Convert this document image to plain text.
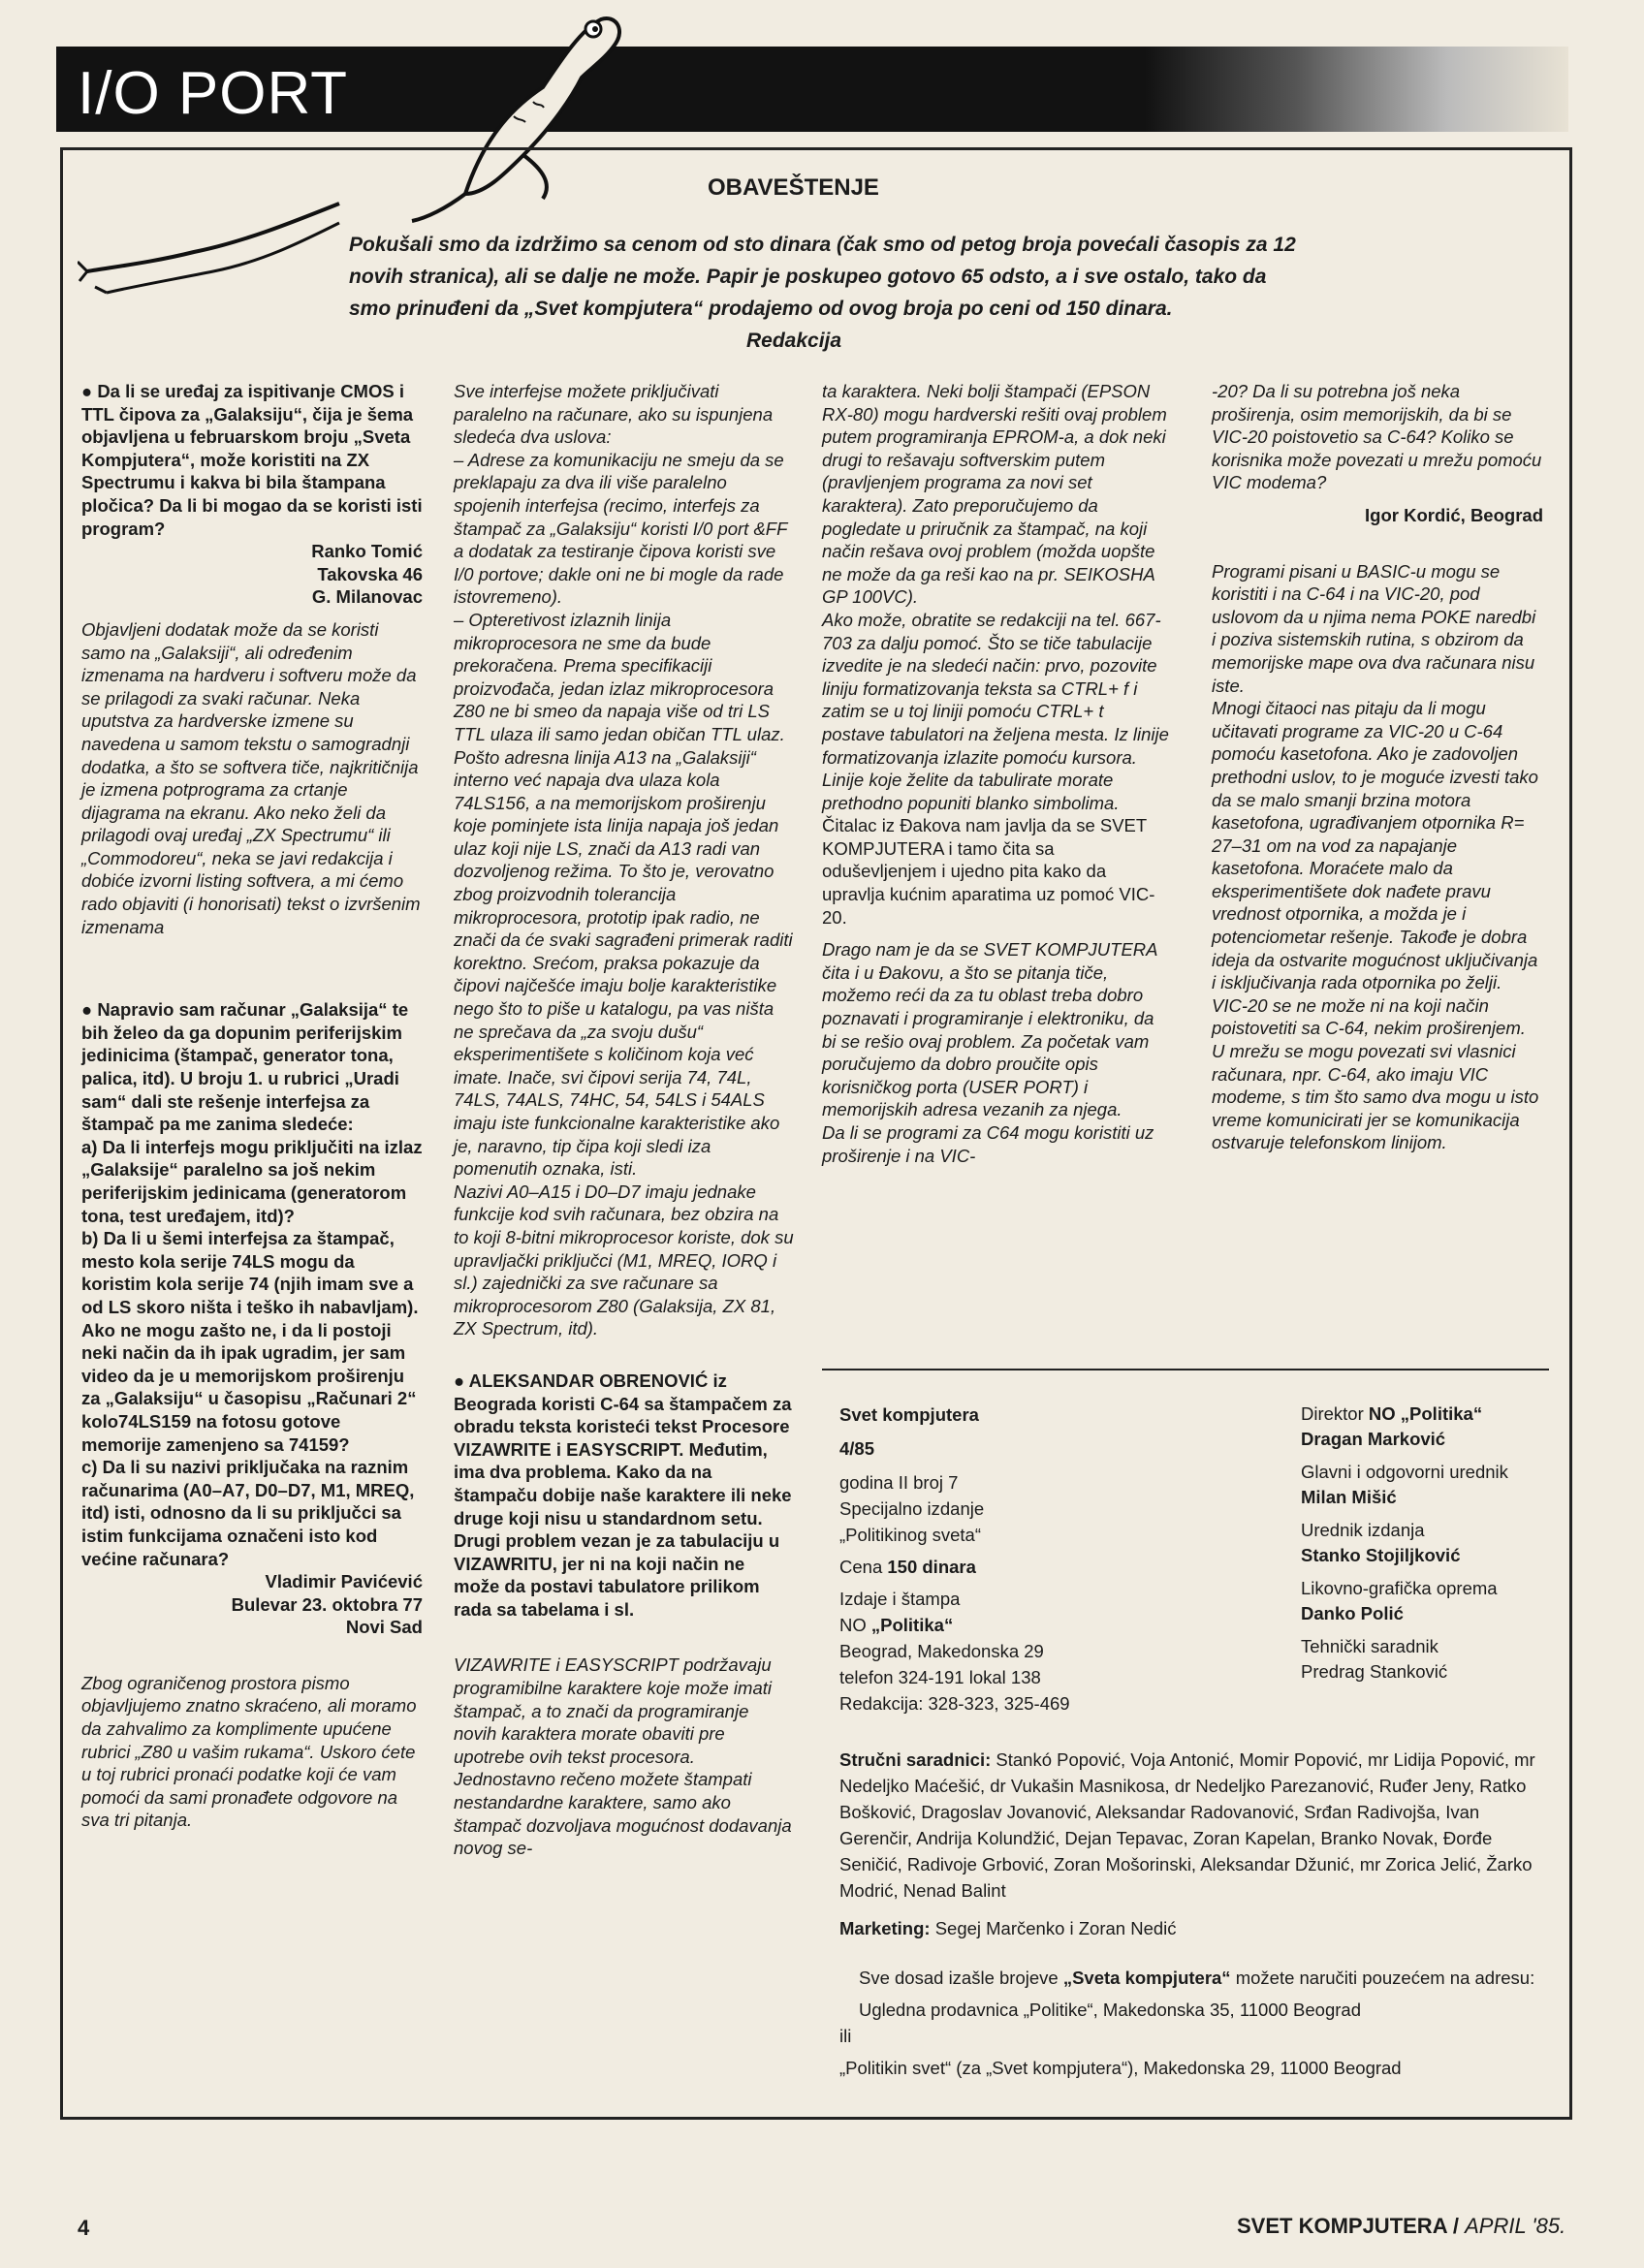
I/O PORT
OBAVEŠTENJE
Pokušali smo da izdržimo sa cenom od sto dinara (čak smo od petog broja povećali časopis za 12 novih stranica), ali se dalje ne može. Papir je poskupeo gotovo 65 odsto, a i sve ostalo, tako da smo prinuđeni da „Svet kompjutera“ prodajemo od ovog broja po ceni od 150 dinara.
Redakcija

● Da li se uređaj za ispitivanje CMOS i TTL čipova za „Galaksiju“, čija je šema objavljena u februarskom broju „Sveta Kompjutera“, može koristiti na ZX Spectrumu i kakva bi bila štampana pločica? Da li bi mogao da se koristi isti program?

Ranko Tomić

Takovska 46

G. Milanovac

Objavljeni dodatak može da se koristi samo na „Galaksiji“, ali određenim izmenama na hardveru i softveru može da se prilagodi za svaki računar. Neka uputstva za hardverske izmene su navedena u samom tekstu o samogradnji dodatka, a što se softvera tiče, najkritičnija je izmena potprograma za crtanje dijagrama na ekranu. Ako neko želi da prilagodi ovaj uređaj „ZX Spectrumu“ ili „Commodoreu“, neka se javi redakcija i dobiće izvorni listing softvera, a mi ćemo rado objaviti (i honorisati) tekst o izvršenim izmenama

● Napravio sam računar „Galaksija“ te bih želeo da ga dopunim periferijskim jedinicima (štampač, generator tona, palica, itd). U broju 1. u rubrici „Uradi sam“ dali ste rešenje interfejsa za štampač pa me zanima sledeće:

a) Da li interfejs mogu priključiti na izlaz „Galaksije“ paralelno sa još nekim periferijskim jedinicama (generatorom tona, test uređajem, itd)?

b) Da li u šemi interfejsa za štampač, mesto kola serije 74LS mogu da koristim kola serije 74 (njih imam sve a od LS skoro ništa i teško ih nabavljam). Ako ne mogu zašto ne, i da li postoji neki način da ih ipak ugradim, jer sam video da je u memorijskom proširenju za „Galaksiju“ u časopisu „Računari 2“ kolo74LS159 na fotosu gotove memorije zamenjeno sa 74159?

c) Da li su nazivi priključaka na raznim računarima (A0–A7, D0–D7, M1, MREQ, itd) isti, odnosno da li su priključci sa istim funkcijama označeni isto kod većine računara?

Vladimir Pavićević

Bulevar 23. oktobra 77

Novi Sad

Zbog ograničenog prostora pismo objavljujemo znatno skraćeno, ali moramo da zahvalimo za komplimente upućene rubrici „Z80 u vašim rukama“. Uskoro ćete u toj rubrici pronaći podatke koji će vam pomoći da sami pronađete odgovore na sva tri pitanja.

Sve interfejse možete priključivati paralelno na računare, ako su ispunjena sledeća dva uslova:

– Adrese za komunikaciju ne smeju da se preklapaju za dva ili više paralelno spojenih interfejsa (recimo, interfejs za štampač za „Galaksiju“ koristi I/0 port &FF a dodatak za testiranje čipova koristi sve I/0 portove; dakle oni ne bi mogle da rade istovremeno).

– Opteretivost izlaznih linija mikroprocesora ne sme da bude prekoračena. Prema specifikaciji proizvođača, jedan izlaz mikroprocesora Z80 ne bi smeo da napaja više od tri LS TTL ulaza ili samo jedan običan TTL ulaz. Pošto adresna linija A13 na „Galaksiji“ interno već napaja dva ulaza kola 74LS156, a na memorijskom proširenju koje pominjete ista linija napaja još jedan ulaz koji nije LS, znači da A13 radi van dozvoljenog režima. To što je, verovatno zbog proizvodnih tolerancija mikroprocesora, prototip ipak radio, ne znači da će svaki sagrađeni primerak raditi korektno. Srećom, praksa pokazuje da čipovi najčešće imaju bolje karakteristike nego što to piše u katalogu, pa vas ništa ne sprečava da „za svoju dušu“ eksperimentišete s količinom koja već imate. Inače, svi čipovi serija 74, 74L, 74LS, 74ALS, 74HC, 54, 54LS i 54ALS imaju iste funkcionalne karakteristike ako je, naravno, tip čipa koji sledi iza pomenutih oznaka, isti.

Nazivi A0–A15 i D0–D7 imaju jednake funkcije kod svih računara, bez obzira na to koji 8-bitni mikroprocesor koriste, dok su upravljački priključci (M1, MREQ, IORQ i sl.) zajednički za sve računare sa mikroprocesorom Z80 (Galaksija, ZX 81, ZX Spectrum, itd).

● ALEKSANDAR OBRENOVIĆ iz Beograda koristi C-64 sa štampačem za obradu teksta koristeći tekst Procesore VIZAWRITE i EASYSCRIPT. Međutim, ima dva problema. Kako da na štampaču dobije naše karaktere ili neke druge koji nisu u standardnom setu. Drugi problem vezan je za tabulaciju u VIZAWRITU, jer ni na koji način ne može da postavi tabulatore prilikom rada sa tabelama i sl.

VIZAWRITE i EASYSCRIPT podržavaju programibilne karaktere koje može imati štampač, a to znači da programiranje novih karaktera morate obaviti pre upotrebe ovih tekst procesora. Jednostavno rečeno možete štampati nestandardne karaktere, samo ako štampač dozvoljava mogućnost dodavanja novog se-

ta karaktera. Neki bolji štampači (EPSON RX-80) mogu hardverski rešiti ovaj problem putem programiranja EPROM-a, a dok neki drugi to rešavaju softverskim putem (pravljenjem programa za novi set karaktera). Zato preporučujemo da pogledate u priručnik za štampač, na koji način rešava ovoj problem (možda uopšte ne može da ga reši kao na pr. SEIKOSHA GP 100VC).

Ako može, obratite se redakciji na tel. 667-703 za dalju pomoć. Što se tiče tabulacije izvedite je na sledeći način: prvo, pozovite liniju formatizovanja teksta sa CTRL+ f i zatim se u toj liniji pomoću CTRL+ t postave tabulatori na željena mesta. Iz linije formatizovanja izlazite pomoću kursora. Linije koje želite da tabulirate morate prethodno popuniti blanko simbolima.

Čitalac iz Đakova nam javlja da se SVET KOMPJUTERA i tamo čita sa oduševljenjem i ujedno pita kako da upravlja kućnim aparatima uz pomoć VIC-20.

Drago nam je da se SVET KOMPJUTERA čita i u Đakovu, a što se pitanja tiče, možemo reći da za tu oblast treba dobro poznavati i programiranje i elektroniku, da bi se rešio ovaj problem. Za početak vam poručujemo da dobro proučite opis korisničkog porta (USER PORT) i memorijskih adresa vezanih za njega.

Da li se programi za C64 mogu koristiti uz proširenje i na VIC-

-20? Da li su potrebna još neka proširenja, osim memorijskih, da bi se VIC-20 poistovetio sa C-64? Koliko se korisnika može povezati u mrežu pomoću VIC modema?

Igor Kordić, Beograd

Programi pisani u BASIC-u mogu se koristiti i na C-64 i na VIC-20, pod uslovom da u njima nema POKE naredbi i poziva sistemskih rutina, s obzirom da memorijske mape ova dva računara nisu iste.

Mnogi čitaoci nas pitaju da li mogu učitavati programe za VIC-20 u C-64 pomoću kasetofona. Ako je zadovoljen prethodni uslov, to je moguće izvesti tako da se malo smanji brzina motora kasetofona, ugrađivanjem otpornika R= 27–31 om na vod za napajanje kasetofona. Moraćete malo da eksperimentišete dok nađete pravu vrednost otpornika, a možda je i potenciometar rešenje. Takođe je dobra ideja da ostvarite mogućnost uključivanja i isključivanja rada otpornika po želji.

VIC-20 se ne može ni na koji način poistovetiti sa C-64, nekim proširenjem.

U mrežu se mogu povezati svi vlasnici računara, npr. C-64, ako imaju VIC modeme, s tim što samo dva mogu u isto vreme komunicirati jer se komunikacija ostvaruje telefonskom linijom.

Svet kompjutera
4/85
godina II broj 7
Specijalno izdanje
„Politikinog sveta“
Cena 150 dinara
Izdaje i štampa
NO „Politika“
Beograd, Makedonska 29
telefon 324-191 lokal 138
Redakcija: 328-323, 325-469
Direktor NO „Politika“
Dragan Marković
Glavni i odgovorni urednik
Milan Mišić
Urednik izdanja
Stanko Stojiljković
Likovno-grafička oprema
Danko Polić
Tehnički saradnik
Predrag Stanković
Stručni saradnici: Stankó Popović, Voja Antonić, Momir Popović, mr Lidija Popović, mr Nedeljko Maćešić, dr Vukašin Masnikosa, dr Nedeljko Parezanović, Ruđer Jeny, Ratko Bošković, Dragoslav Jovanović, Aleksandar Radovanović, Srđan Radivojša, Ivan Gerenčir, Andrija Kolundžić, Dejan Tepavac, Zoran Kapelan, Branko Novak, Đorđe Seničić, Radivoje Grbović, Zoran Mošorinski, Aleksandar Džunić, mr Zorica Jelić, Žarko Modrić, Nenad Balint
Marketing: Segej Marčenko i Zoran Nedić
Sve dosad izašle brojeve „Sveta kompjutera“ možete naručiti pouzećem na adresu:
Ugledna prodavnica „Politike“, Makedonska 35, 11000 Beograd
ili
„Politikin svet“ (za „Svet kompjutera“), Makedonska 29, 11000 Beograd
4	SVET KOMPJUTERA / APRIL '85.
